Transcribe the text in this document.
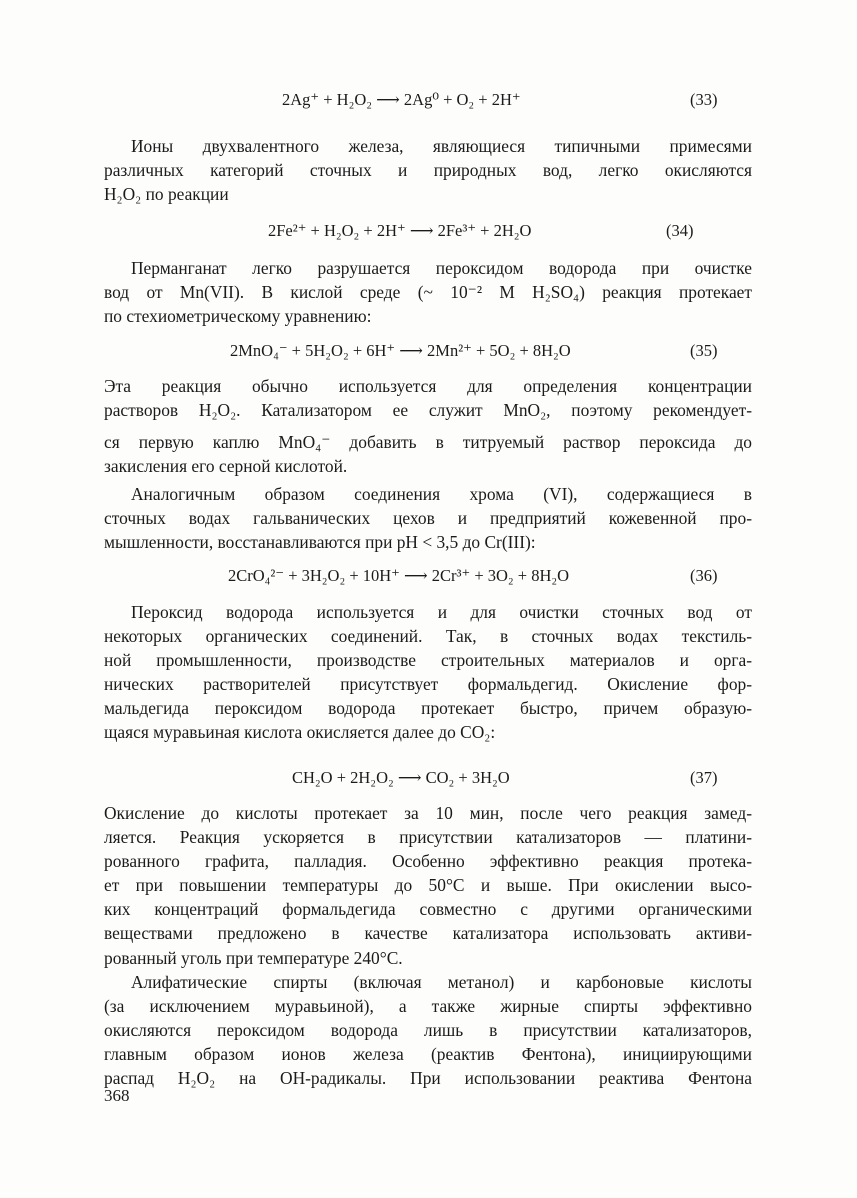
2Ag⁺ + H₂O₂ ⟶ 2Ag⁰ + O₂ + 2H⁺	(33)
Ионы двухвалентного железа, являющиеся типичными примесями
различных категорий сточных и природных вод, легко окисляются
H₂O₂ по реакции
2Fe²⁺ + H₂O₂ + 2H⁺ ⟶ 2Fe³⁺ + 2H₂O	(34)
Перманганат легко разрушается пероксидом водорода при очистке
вод от Mn(VII). В кислой среде (~ 10⁻² М H₂SO₄) реакция протекает
по стехиометрическому уравнению:
2MnO₄⁻ + 5H₂O₂ + 6H⁺ ⟶ 2Mn²⁺ + 5O₂ + 8H₂O	(35)
Эта реакция обычно используется для определения концентрации
растворов H₂O₂. Катализатором ее служит MnO₂, поэтому рекомендует-
ся первую каплю MnO₄⁻ добавить в титруемый раствор пероксида до
закисления его серной кислотой.
Аналогичным образом соединения хрома (VI), содержащиеся в
сточных водах гальванических цехов и предприятий кожевенной про-
мышленности, восстанавливаются при pH < 3,5 до Cr(III):
2CrO₄²⁻ + 3H₂O₂ + 10H⁺ ⟶ 2Cr³⁺ + 3O₂ + 8H₂O	(36)
Пероксид водорода используется и для очистки сточных вод от
некоторых органических соединений. Так, в сточных водах текстиль-
ной промышленности, производстве строительных материалов и орга-
нических растворителей присутствует формальдегид. Окисление фор-
мальдегида пероксидом водорода протекает быстро, причем образую-
щаяся муравьиная кислота окисляется далее до CO₂:
CH₂O + 2H₂O₂ ⟶ CO₂ + 3H₂O	(37)
Окисление до кислоты протекает за 10 мин, после чего реакция замед-
ляется. Реакция ускоряется в присутствии катализаторов — платини-
рованного графита, палладия. Особенно эффективно реакция протека-
ет при повышении температуры до 50°C и выше. При окислении высо-
ких концентраций формальдегида совместно с другими органическими
веществами предложено в качестве катализатора использовать активи-
рованный уголь при температуре 240°C.
Алифатические спирты (включая метанол) и карбоновые кислоты
(за исключением муравьиной), а также жирные спирты эффективно
окисляются пероксидом водорода лишь в присутствии катализаторов,
главным образом ионов железа (реактив Фентона), инициирующими
распад H₂O₂ на OH-радикалы. При использовании реактива Фентона
368
